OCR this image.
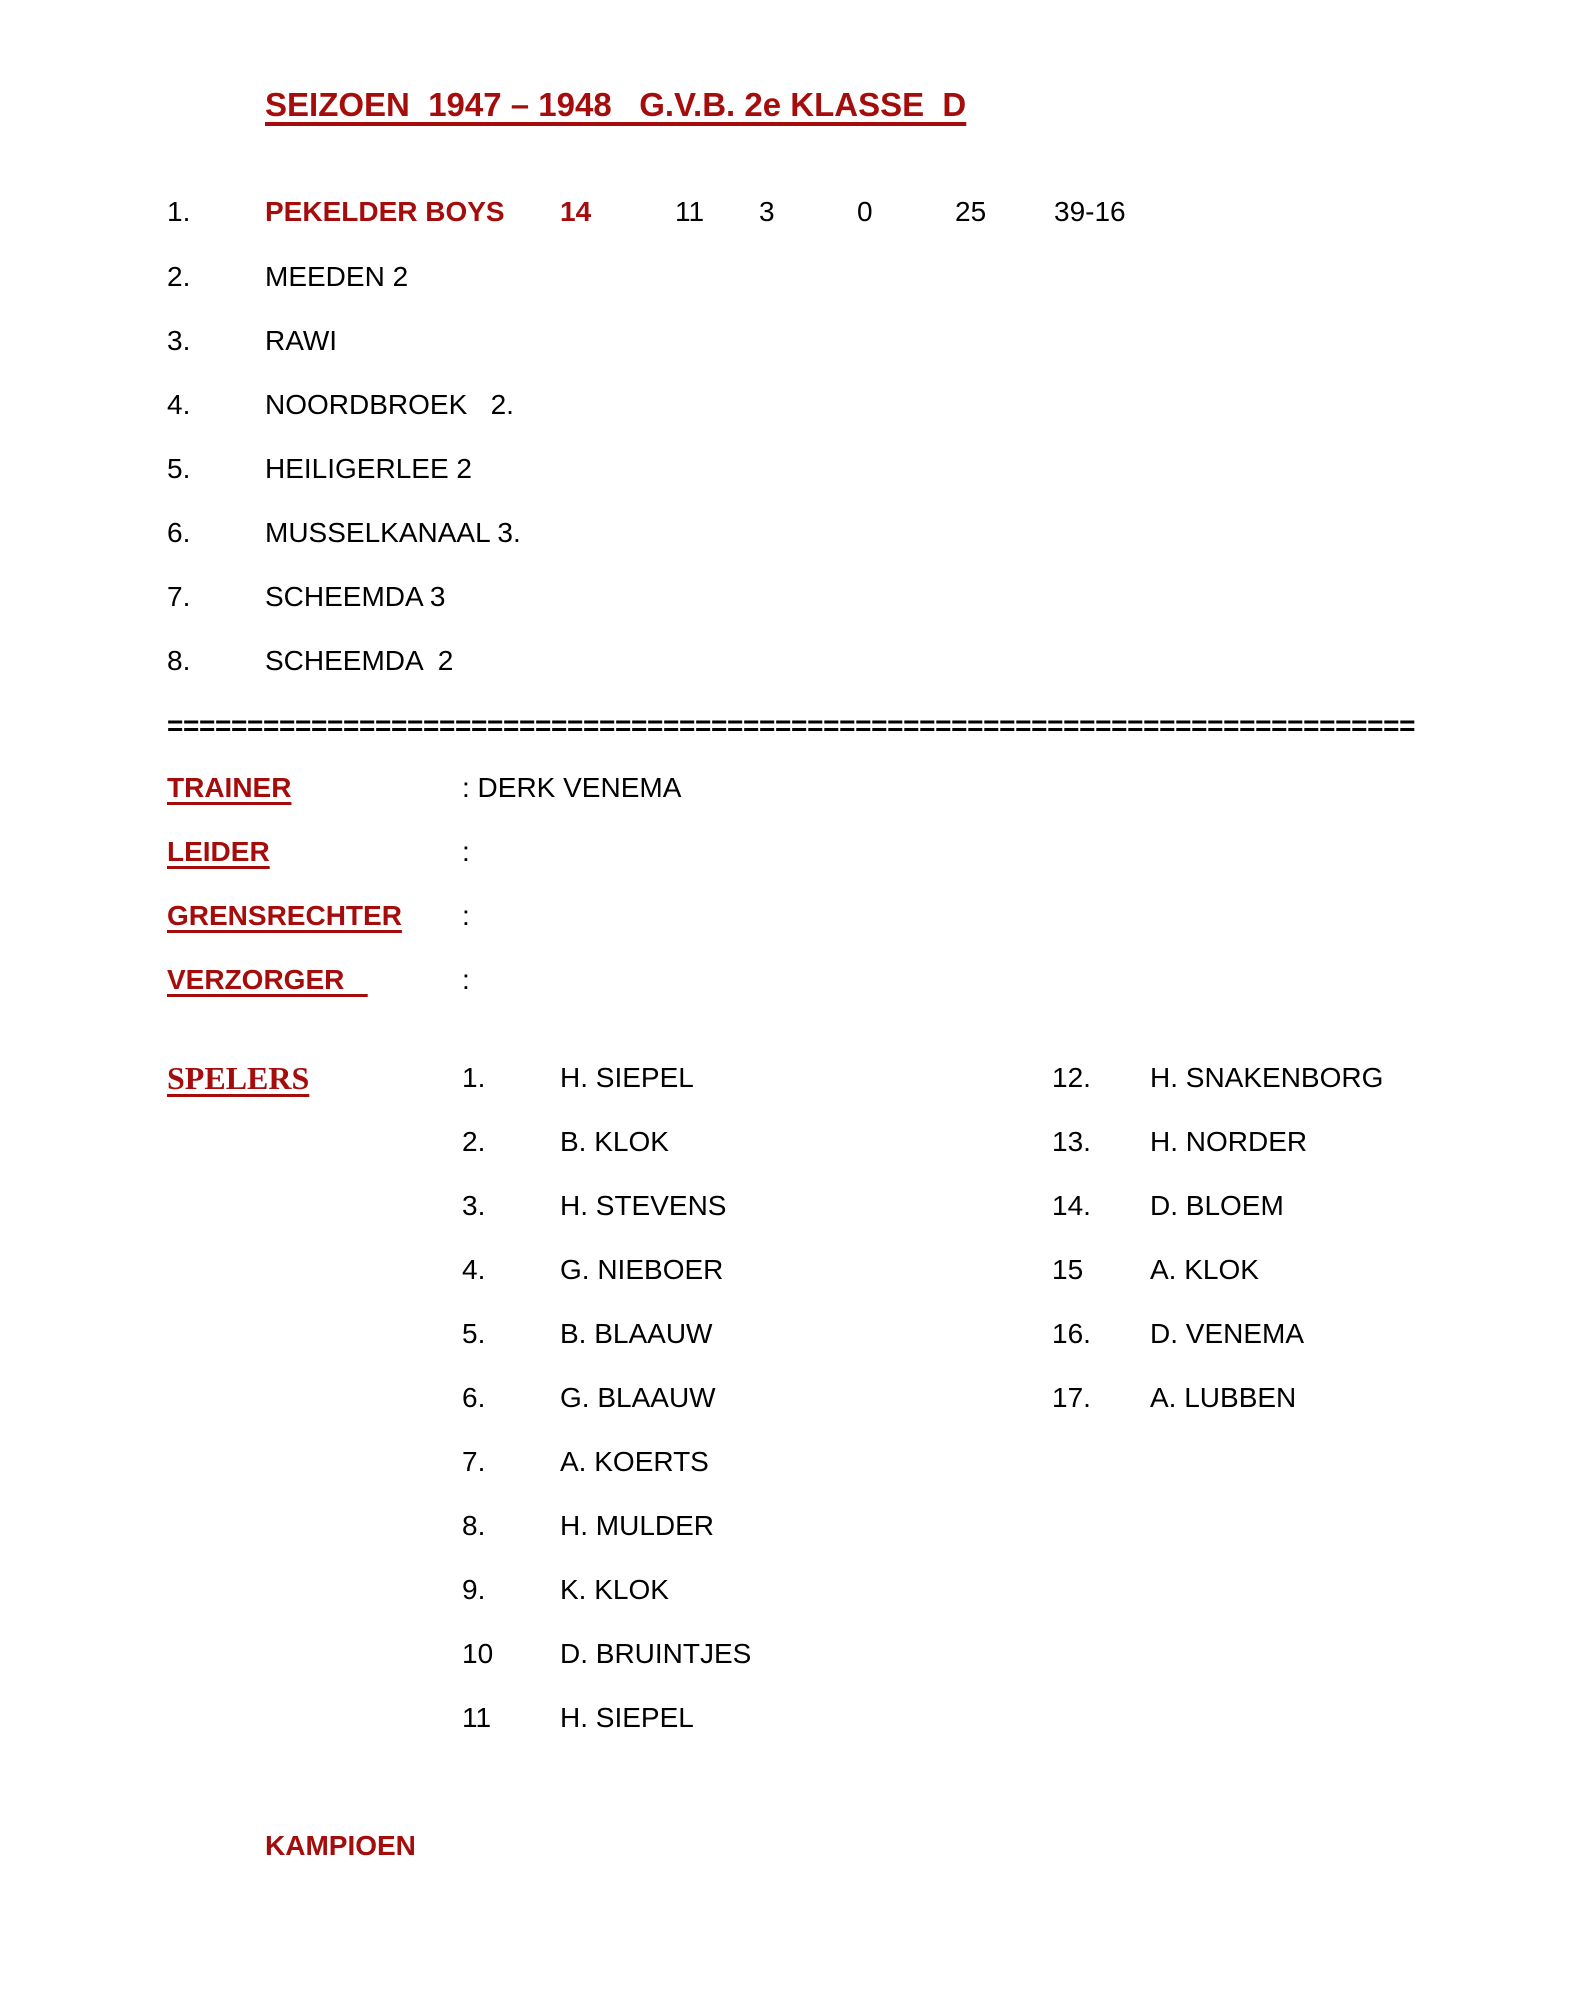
SEIZOEN  1947 – 1948   G.V.B. 2e KLASSE  D
1.	PEKELDER BOYS 14	11 3	0	25 39-16
2.	MEEDEN 2
3.	RAWI
4.	NOORDBROEK   2.
5.	HEILIGERLEE 2
6.	MUSSELKANAAL 3.
7.	SCHEEMDA 3
8.	SCHEEMDA  2
==============================================================================
TRAINER	: DERK VENEMA
LEIDER	:
GRENSRECHTER :
VERZORGER	:
SPELERS	1.	H. SIEPEL
2.	B. KLOK
3.	H. STEVENS
4.	G. NIEBOER
5.	B. BLAAUW
6.	G. BLAAUW
7.	A. KOERTS
8.	H. MULDER
9.	K. KLOK
10 D. BRUINTJES
11 H. SIEPEL
12. H. SNAKENBORG
13. H. NORDER
14. D. BLOEM
15 A. KLOK
16. D. VENEMA
17. A. LUBBEN
KAMPIOEN
